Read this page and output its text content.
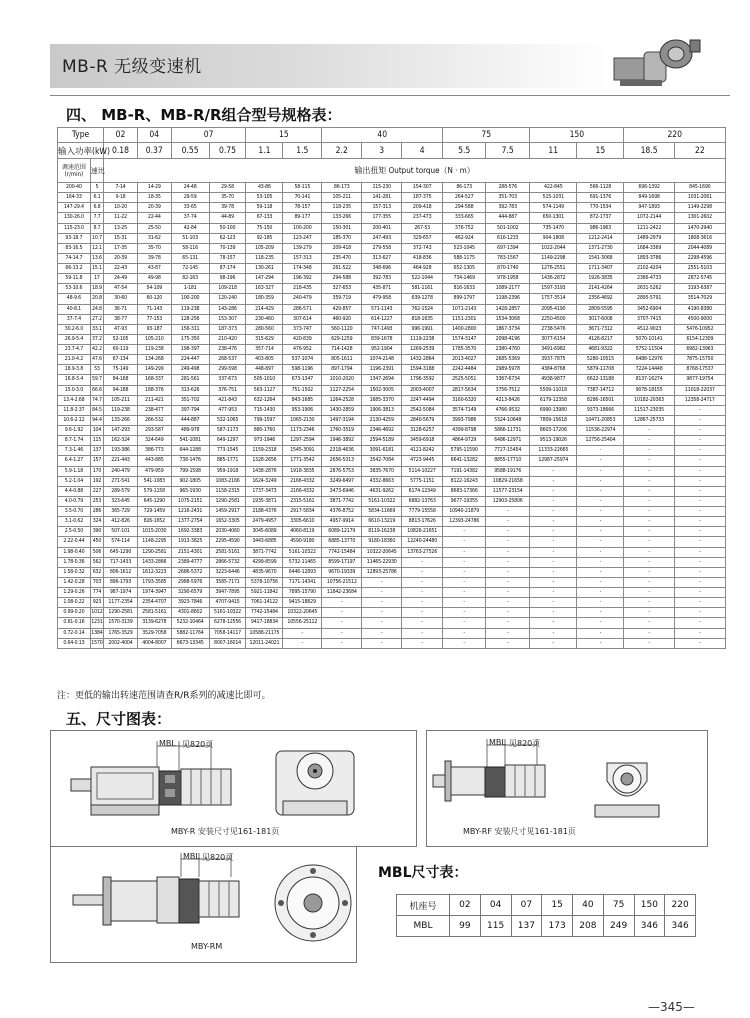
MB-R 无级变速机
四、 MB-R、MB-R/R组合型号规格表：
Type		02	04	07		15		40			75		150		220	
输入功率(kW)		0.18	0.37	0.55	0.75	1.1	1.5	2.2	3	4	5.5	7.5	11	15	18.5	22

调速范围
(r/min)	速比	输出扭矩 Output torque（N · m）														
200-40	5	7-14	14-29	24-48	29-58	43-86	58-115	86-173	115-230	154-307	86-173	288-576	422-845	566-1128	696-1392	845-1690
164-33	6.1	9-18	18-35	29-59	35-70	53-105	70-141	105-211	141-281	187-375	264-527	351-703	515-1031	691-1376	849-1698	1031-2061
147-29.4	6.8	10-20	20-39	33-65	39-78	59-118	78-157	118-235	157-313	209-418	294-588	392-783	574-1149	770-1534	947-1893	1149-2298
130-26.0	7.7	11-22	22-44	37-74	44-89	67-133	89-177	133-266	177-355	237-473	333-665	444-887	650-1301	872-1737	1072-2144	1301-2602
115-23.0	8.7	13-25	25-50	42-84	50-100	75-150	100-200	150-301	200-401	267-53	376-752	501-1002	735-1470	986-1963	1211-2422	1470-2940
93-18.7	10.7	15-31	31-62	51-103	62-123	92-185	123-247	185-370	247-493	329-657	462-924	616-1233	904-1808	1212-2414	1489-2979	1808-3616
83-16.5	12.1	17-35	35-70	58-116	70-139	105-209	139-279	209-418	279-558	372-743	523-1045	697-1394	1022-2044	1371-2730	1684-3369	2044-4089
74-14.7	13.6	20-39	39-78	65-131	78-157	118-235	157-313	235-470	313-627	418-836	588-1175	783-1567	1149-2298	1541-3068	1893-3786	2298-4596
66-13.2	15.1	22-43	43-87	72-145	87-174	130-261	174-348	261-522	348-696	464-928	652-1305	870-1740	1276-2551	1711-3407	2102-4204	2551-5103
59-11.8	17	24-49	49-98	82-163	98-196	147-294	196-392	294-588	392-783	522-1044	734-1469	978-1958	1436-2872	1926-3835	2366-4733	2872-5745
53-10.6	18.9	47-54	54-109	1-181	109-218	163-327	218-435	327-653	435-871	581-1161	816-1633	1089-2177	1597-3193	2141-4264	2631-5262	3193-6387
48-9.6	20.8	30-60	60-120	100-200	120-240	180-359	240-479	359-719	479-958	639-1278	899-1797	1198-2396	1757-3514	2356-4692	2895-5791	3514-7029
40-8.1	24.8	36-71	71-143	119-238	143-286	214-429	286-571	429-857	571-1143	762-1524	1071-2143	1428-2857	2095-4190	2809-5595	3452-6904	4190-8380
37-7.4	27.2	38-77	77-153	128-256	153-307	230-460	307-614	460-920	614-1227	818-1635	1151-2301	1534-3068	2250-4500	3017-6008	3707-7415	4500-9000
30.2-6.0	33.1	47-93	93-187	156-311	187-373	280-560	373-747	560-1120	747-1493	996-1991	1400-2800	1867-3734	2738-5476	3671-7312	4512-9023	5476-10952
26.9-5.4	37.2	52-105	105-210	175-350	210-420	315-629	420-839	629-1259	839-1678	1119-2238	1574-3147	2098-4196	3077-6154	4126-8217	5070-10141	6154-12309
23.7-4.7	42.2	60-119	119-238	198-397	238-476	357-714	476-952	714-1428	952-1904	1269-2539	1785-3570	2380-4760	3491-6982	4681-9322	5752-11504	6982-13963
21.0-4.2	47.6	67-134	134-268	224-447	268-537	403-805	537-1074	805-1611	1074-2148	1432-2864	2013-4027	2685-5369	3937-7875	5280-10515	6488-12976	7875-15750
18.9-3.8	53	75-149	149-299	249-498	299-598	448-897	598-1196	897-1794	1196-2391	1594-3188	2242-4484	2989-5978	4384-8768	5879-11708	7224-14448	8768-17537
16.8-3.4	59.7	84-168	168-337	281-561	337-673	505-1010	673-1347	1010-2020	1347-2694	1796-3592	2525-5051	3367-6734	4938-9877	6622-13188	8137-16274	9877-19754
15.0-3.0	66.6	94-188	188-376	313-626	376-751	563-1127	751-1502	1127-2254	1502-3005	2003-4007	2817-5634	3756-7512	5509-11018	7387-14712	9078-18155	11018-22037
13.4-2.68	74.7	105-211	211-421	351-702	421-843	632-1264	843-1685	1264-2528	1685-3370	2247-4494	3160-6320	4213-8426	6179-12358	8286-16501	10182-20363	12358-24717
11.8-2.37	84.5	119-238	238-477	397-794	477-953	715-1430	953-1906	1430-2859	1906-3813	2542-5084	3574-7149	4766-9532	6990-13980	9373-18666	11517-23035	-
10.6-2.12	94.4	133-266	266-532	444-887	532-1065	799-1597	1065-2130	1497-3194	2130-4259	2840-5679	3993-7986	5324-10648	7809-15618	10471-20853	12867-25733	-
9.6-1.92	104	147-293	293-587	489-978	587-1173	880-1760	1173-2346	1760-3519	2346-4692	3128-6257	4399-8798	5866-11731	8603-17206	11536-22974	-	-
8.7-1.74	115	162-324	324-649	541-1081	649-1297	973-1946	1297-2594	1946-3892	2594-5189	3459-6918	4864-9729	6486-12971	9513-19026	12756-25404	-	-
7.3-1.46	137	193-386	386-773	644-1288	773-1545	1159-2318	1545-3091	2318-4636	3091-6181	4121-8242	5795-11590	7727-15454	11333-22665	-	-	-
6.4-1.27	157	221-443	443-885	738-1476	885-1771	1328-2656	1771-3542	2656-5313	3542-7084	4723-9445	6641-13282	8855-17710	12987-25974	-	-	-
5.9-1.18	170	240-479	479-959	799-1598	959-1918	1438-2876	1918-3835	2876-5753	3835-7670	5114-10227	7191-14382	9588-19176	-	-	-	-
5.2-1.04	192	271-541	541-1083	902-1805	1083-2166	1624-3249	2166-4332	3249-6497	4332-8663	5775-1151	8122-16243	10829-21658	-	-	-	-
4.4-0.88	227	289-579	579-1158	965-1930	1158-2315	1737-3473	2166-4332	3473-6946	4631-9262	6174-12349	8683-17366	11577-23154	-	-	-	-
4.0-0.79	253	323-645	645-1290	1075-2151	1290-2581	1935-3871	2315-5161	3871-7742	5161-10322	6882-13763	9677-19355	12903-25806	-	-	-	-
3.5-0.70	286	365-729	729-1459	1216-2431	1459-2917	2188-4376	2917-5834	4376-8752	5834-11669	7779-15558	10940-21879	-	-	-	-	-
3.1-0.62	324	412-826	826-1652	1377-2754	1652-3305	2479-4957	3305-6610	4957-9914	6610-13219	8813-17626	12393-24786	-	-	-	-	-
2.5-0.50	390	507-101	1015-2030	1692-3383	2030-4060	3045-6089	4060-8119	6089-12179	8119-16238	10826-21651	-	-	-	-	-	-
2.22-0.44	450	574-114	1148-2295	1913-3825	2295-4590	3443-6885	4590-9180	6885-13770	9180-18360	12240-24480	-	-	-	-	-	-
1.98-0.40	506	645-1290	1290-2581	2151-4301	2581-5161	3871-7742	5161-10322	7742-15484	10322-20645	13763-27526	-	-	-	-	-	-
1.78-0.36	562	717-1433	1433-2866	2389-4777	2866-5732	4299-8599	5732-11465	8599-17197	11465-22930	-	-	-	-	-	-	-
1.58-0.32	632	806-1612	1612-3223	2686-5372	3223-6446	4835-9670	6446-12893	9670-19339	12893-25786	-	-	-	-	-	-	-
1.42-0.28	703	896-1793	1793-3585	2988-5976	3585-7171	5378-10756	7171-14341	10756-21512	-	-	-	-	-	-	-	-
1.29-0.26	774	987-1974	1974-3947	3290-6579	3947-7895	5921-11842	7895-15790	11842-23684	-	-	-	-	-	-	-	-
1.08-0.22	923	1177-2354	2354-4707	3923-7846	4707-9415	7061-14122	9415-18829	-	-	-	-	-	-	-	-	-
0.99-0.20	1012	1290-2581	2581-5161	4301-8602	5161-10322	7742-15484	10322-20645	-	-	-	-	-	-	-	-	-
0.81-0.16	1231	1570-3139	3139-6278	5232-10464	6278-12556	9417-18834	10556-25112	-	-	-	-	-	-	-	-	-
0.72-0.14	1384	1765-3529	3529-7058	5882-11764	7058-14117	10588-21175	-	-	-	-	-	-	-	-	-	-
0.64-0.13	1570	2002-4004	4004-8007	6673-13345	8007-16014	12011-24021	-	-	-	-	-	-	-	-	-	-
注：更低的输出转速范围请查R/R系列的减速比即可。
五、尺寸图表：
MBL 见820页
MBY-R 安装尺寸见161-181页
MBL 见820页
MBY-RF 安装尺寸见161-181页
MBL 见820页
MBY-RM
MBL尺寸表：
机座号	02	04	07	15	40	75	150	220
MBL	99	115	137	173	208	249	346	346
—345—
